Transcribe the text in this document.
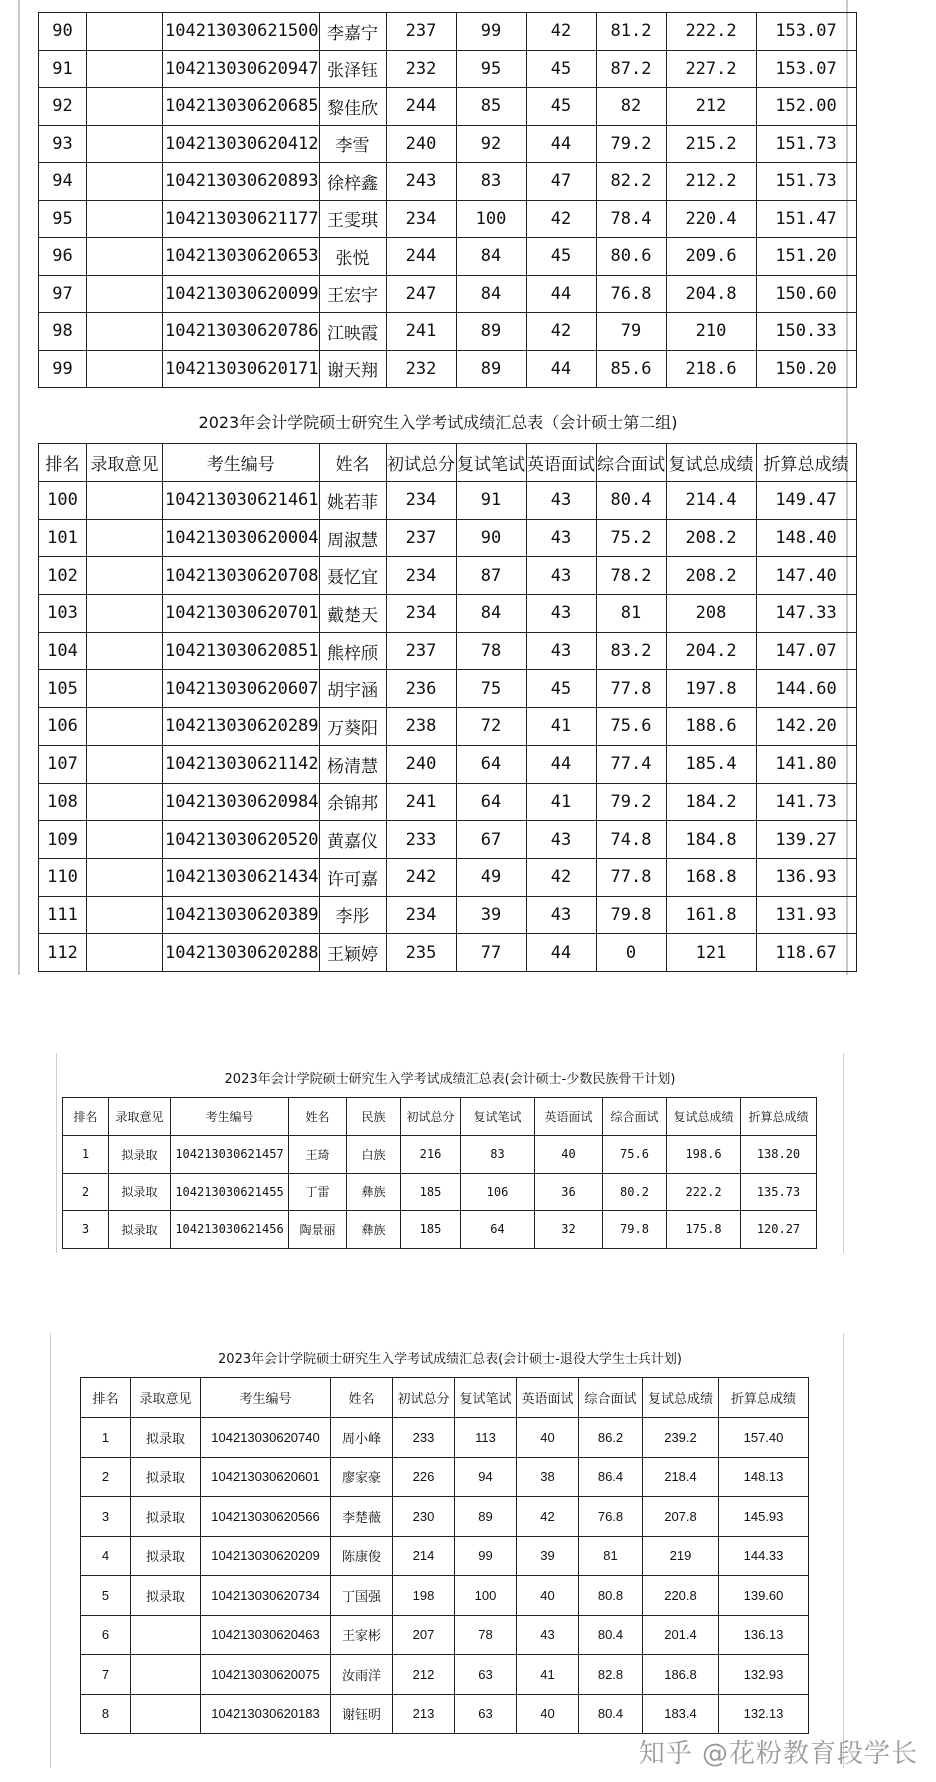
90		104213030621500	李嘉宁	237	99	42	81.2	222.2	153.07
91		104213030620947	张泽钰	232	95	45	87.2	227.2	153.07
92		104213030620685	黎佳欣	244	85	45	82	212	152.00
93		104213030620412	李雪	240	92	44	79.2	215.2	151.73
94		104213030620893	徐梓鑫	243	83	47	82.2	212.2	151.73
95		104213030621177	王雯琪	234	100	42	78.4	220.4	151.47
96		104213030620653	张悦	244	84	45	80.6	209.6	151.20
97		104213030620099	王宏宇	247	84	44	76.8	204.8	150.60
98		104213030620786	江映霞	241	89	42	79	210	150.33
99		104213030620171	谢天翔	232	89	44	85.6	218.6	150.20
2023年会计学院硕士研究生入学考试成绩汇总表（会计硕士第二组)
排名	录取意见	考生编号	姓名	初试总分	复试笔试	英语面试	综合面试	复试总成绩	折算总成绩
100		104213030621461	姚若菲	234	91	43	80.4	214.4	149.47
101		104213030620004	周淑慧	237	90	43	75.2	208.2	148.40
102		104213030620708	聂忆宜	234	87	43	78.2	208.2	147.40
103		104213030620701	戴楚天	234	84	43	81	208	147.33
104		104213030620851	熊梓颀	237	78	43	83.2	204.2	147.07
105		104213030620607	胡宇涵	236	75	45	77.8	197.8	144.60
106		104213030620289	万葵阳	238	72	41	75.6	188.6	142.20
107		104213030621142	杨清慧	240	64	44	77.4	185.4	141.80
108		104213030620984	余锦邦	241	64	41	79.2	184.2	141.73
109		104213030620520	黄嘉仪	233	67	43	74.8	184.8	139.27
110		104213030621434	许可嘉	242	49	42	77.8	168.8	136.93
111		104213030620389	李彤	234	39	43	79.8	161.8	131.93
112		104213030620288	王颖婷	235	77	44	0	121	118.67
2023年会计学院硕士研究生入学考试成绩汇总表(会计硕士-少数民族骨干计划)
排名	录取意见	考生编号	姓名	民族	初试总分	复试笔试	英语面试	综合面试	复试总成绩	折算总成绩
1	拟录取	104213030621457	王琦	白族	216	83	40	75.6	198.6	138.20
2	拟录取	104213030621455	丁雷	彝族	185	106	36	80.2	222.2	135.73
3	拟录取	104213030621456	陶景丽	彝族	185	64	32	79.8	175.8	120.27
2023年会计学院硕士研究生入学考试成绩汇总表(会计硕士-退役大学生士兵计划)
排名	录取意见	考生编号	姓名	初试总分	复试笔试	英语面试	综合面试	复试总成绩	折算总成绩
1	拟录取	104213030620740	周小峰	233	113	40	86.2	239.2	157.40
2	拟录取	104213030620601	廖家豪	226	94	38	86.4	218.4	148.13
3	拟录取	104213030620566	李楚薇	230	89	42	76.8	207.8	145.93
4	拟录取	104213030620209	陈康俊	214	99	39	81	219	144.33
5	拟录取	104213030620734	丁国强	198	100	40	80.8	220.8	139.60
6		104213030620463	王家彬	207	78	43	80.4	201.4	136.13
7		104213030620075	汝雨洋	212	63	41	82.8	186.8	132.93
8		104213030620183	谢钰明	213	63	40	80.4	183.4	132.13
知乎 @花粉教育段学长
